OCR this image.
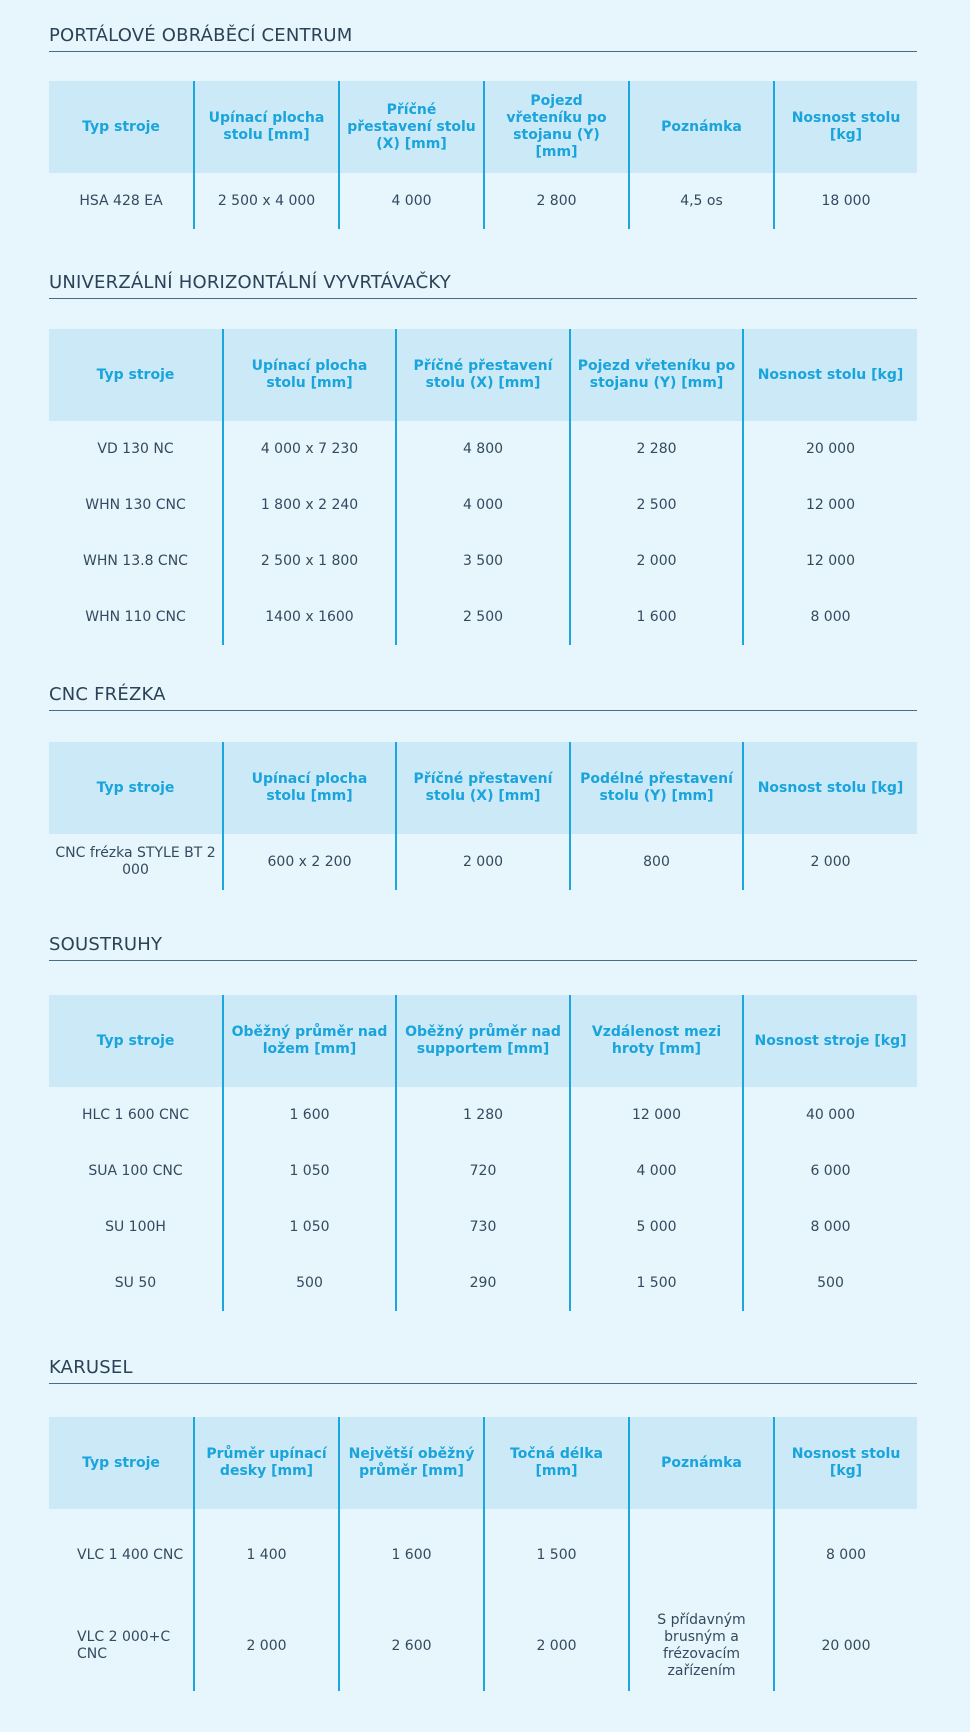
PORTÁLOVÉ OBRÁBĚCÍ CENTRUM
Typ stroje	Upínací plocha stolu [mm]	Příčné přestavení stolu (X) [mm]	Pojezd vřeteníku po stojanu (Y) [mm]	Poznámka	Nosnost stolu [kg]
HSA 428 EA	2 500 x 4 000	4 000	2 800	4,5 os	18 000
UNIVERZÁLNÍ HORIZONTÁLNÍ VYVRTÁVAČKY
Typ stroje	Upínací plocha stolu [mm]	Příčné přestavení stolu (X) [mm]	Pojezd vřeteníku po stojanu (Y) [mm]	Nosnost stolu [kg]
VD 130 NC	4 000 x 7 230	4 800	2 280	20 000
WHN 130 CNC	1 800 x 2 240	4 000	2 500	12 000
WHN 13.8 CNC	2 500 x 1 800	3 500	2 000	12 000
WHN 110 CNC	1400 x 1600	2 500	1 600	8 000
CNC FRÉZKA
Typ stroje	Upínací plocha stolu [mm]	Příčné přestavení stolu (X) [mm]	Podélné přestavení stolu (Y) [mm]	Nosnost stolu [kg]
CNC frézka STYLE BT 2 000	600 x 2 200	2 000	800	2 000
SOUSTRUHY
Typ stroje	Oběžný průměr nad ložem [mm]	Oběžný průměr nad supportem [mm]	Vzdálenost mezi hroty [mm]	Nosnost stroje [kg]
HLC 1 600 CNC	1 600	1 280	12 000	40 000
SUA 100 CNC	1 050	720	4 000	6 000
SU 100H	1 050	730	5 000	8 000
SU 50	500	290	1 500	500
KARUSEL
Typ stroje	Průměr upínací desky [mm]	Největší oběžný průměr [mm]	Točná délka [mm]	Poznámka	Nosnost stolu [kg]
VLC 1 400 CNC	1 400	1 600	1 500		8 000
VLC 2 000+C CNC	2 000	2 600	2 000	S přídavným brusným a frézovacím zařízením	20 000
